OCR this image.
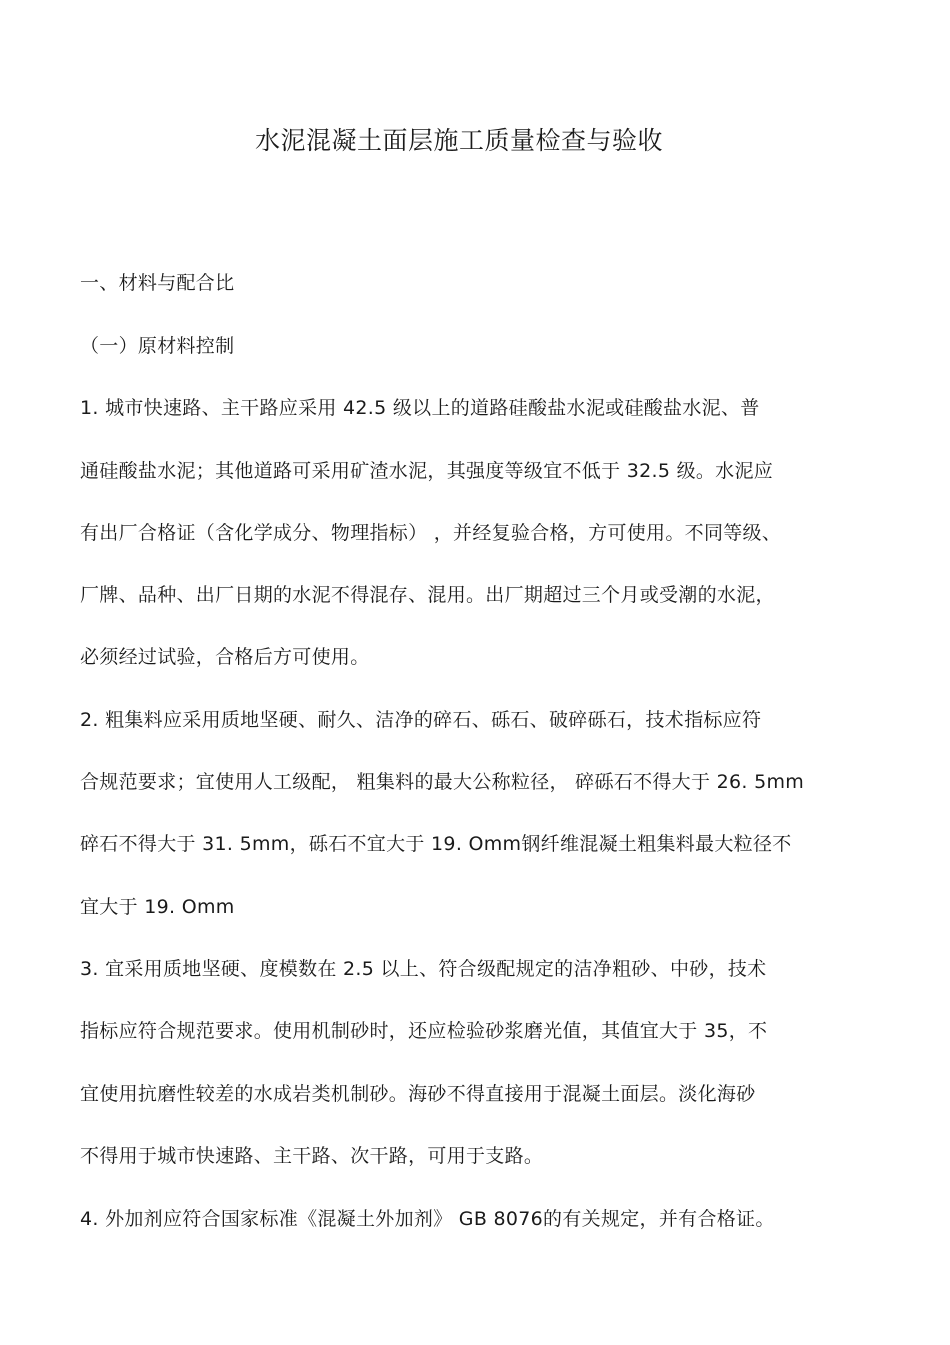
水泥混凝土面层施工质量检查与验收
一、材料与配合比
（一）原材料控制
1. 城市快速路、主干路应采用 42.5 级以上的道路硅酸盐水泥或硅酸盐水泥、普
通硅酸盐水泥；其他道路可采用矿渣水泥，其强度等级宜不低于 32.5 级。水泥应
有出厂合格证（含化学成分、物理指标） ，并经复验合格，方可使用。不同等级、
厂牌、品种、出厂日期的水泥不得混存、混用。出厂期超过三个月或受潮的水泥，
必须经过试验，合格后方可使用。
2. 粗集料应采用质地坚硬、耐久、洁净的碎石、砾石、破碎砾石，技术指标应符
合规范要求；宜使用人工级配， 粗集料的最大公称粒径， 碎砾石不得大于 26. 5mm
碎石不得大于 31. 5mm，砾石不宜大于 19. Omm钢纤维混凝土粗集料最大粒径不
宜大于 19. Omm
3. 宜采用质地坚硬、度模数在 2.5 以上、符合级配规定的洁净粗砂、中砂，技术
指标应符合规范要求。使用机制砂时，还应检验砂浆磨光值，其值宜大于 35，不
宜使用抗磨性较差的水成岩类机制砂。海砂不得直接用于混凝土面层。淡化海砂
不得用于城市快速路、主干路、次干路，可用于支路。
4. 外加剂应符合国家标准《混凝土外加剂》 GB 8076的有关规定，并有合格证。
